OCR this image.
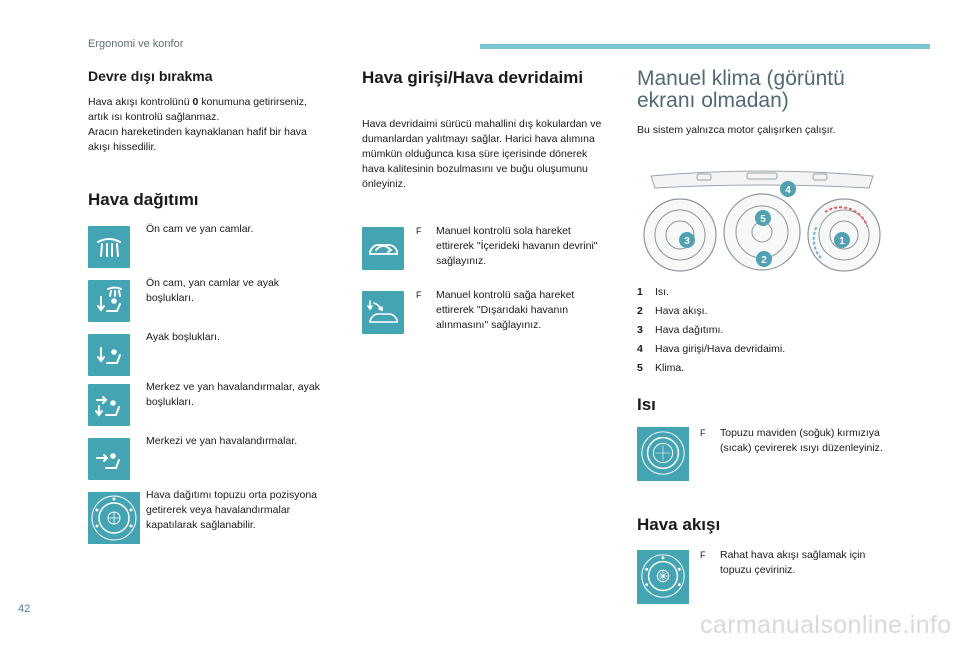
Ergonomi ve konfor
Devre dışı bırakma

Hava akışı kontrolünü 0 konumuna getirirseniz,

artık ısı kontrolü sağlanmaz.

Aracın hareketinden kaynaklanan hafif bir hava

akışı hissedilir.

Hava dağıtımı
Ön cam ve yan camlar.
Ön cam, yan camlar ve ayak boşlukları.
Ayak boşlukları.
Merkez ve yan havalandırmalar, ayak boşlukları.
Merkezi ve yan havalandırmalar.
Hava dağıtımı topuzu orta pozisyona getirerek veya havalandırmalar kapatılarak sağlanabilir.
Hava girişi/Hava devridaimi

Hava devridaimi sürücü mahallini dış kokulardan ve dumanlardan yalıtmayı sağlar. Harici hava alımına mümkün olduğunca kısa süre içerisinde dönerek hava kalitesinin bozulmasını ve buğu oluşumunu önleyiniz.

F	Manuel kontrolü sola hareket ettirerek "İçerideki havanın devrini" sağlayınız.
F	Manuel kontrolü sağa hareket ettirerek "Dışarıdaki havanın alınmasını" sağlayınız.
Manuel klima (görüntü ekranı olmadan)

Bu sistem yalnızca motor çalışırken çalışır.

1
2
3
4
5
1	Isı.
2	Hava akışı.
3	Hava dağıtımı.
4	Hava girişi/Hava devridaimi.
5	Klima.
Isı
F	Topuzu maviden (soğuk) kırmızıya (sıcak) çevirerek ısıyı düzenleyiniz.
Hava akışı
F	Rahat hava akışı sağlamak için topuzu çeviriniz.
42
carmanualsonline.info
